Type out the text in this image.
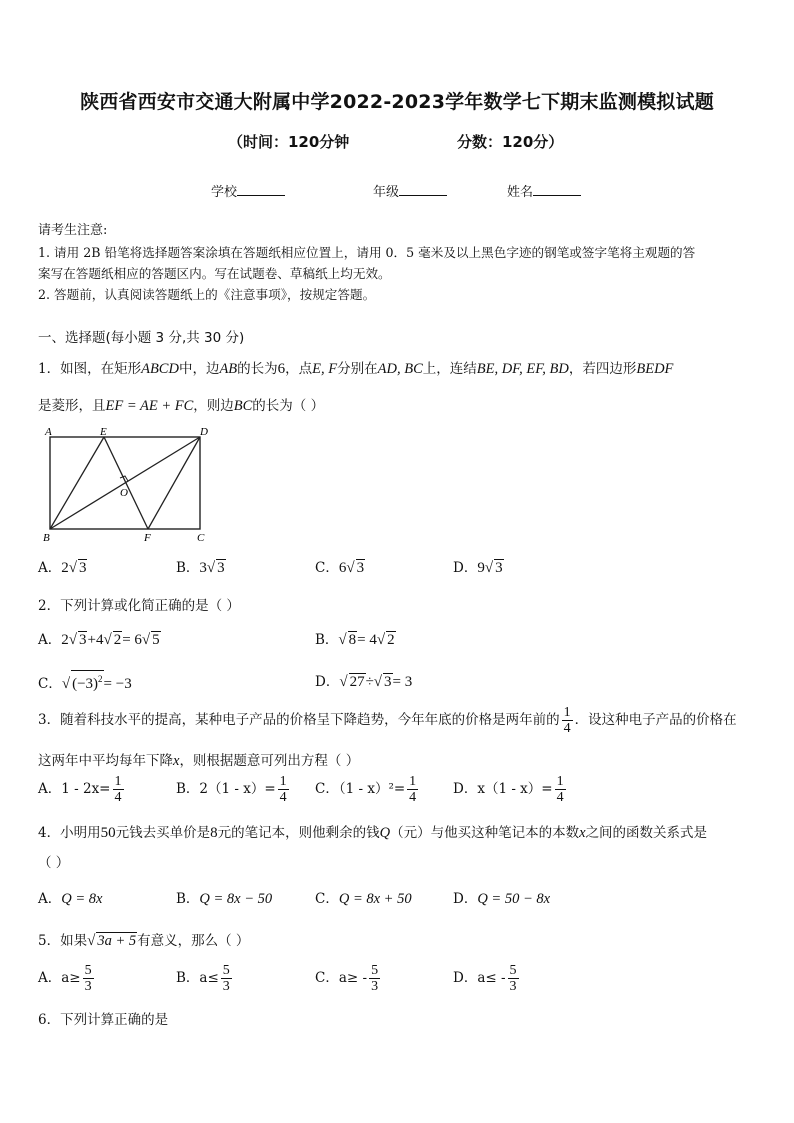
陕西省西安市交通大附属中学2022-2023学年数学七下期末监测模拟试题
（时间：120分钟	分数：120分）
学校	年级	姓名
请考生注意:
1. 请用 2B 铅笔将选择题答案涂填在答题纸相应位置上，请用 0．5 毫米及以上黑色字迹的钢笔或签字笔将主观题的答
案写在答题纸相应的答题区内。写在试题卷、草稿纸上均无效。
2. 答题前，认真阅读答题纸上的《注意事项》，按规定答题。
一、选择题(每小题 3 分,共 30 分)
1．如图，在矩形ABCD中，边AB的长为6，点E, F分别在AD, BC上，连结BE, DF, EF, BD，若四边形BEDF
是菱形，且EF = AE + FC，则边BC的长为（ ）
A	E	D
O
B	F	C
A．2√ 3	B．3√ 3	C．6√ 3	D．9√ 3
2．下列计算或化简正确的是（ ）
A．2√ 3+4√ 2= 6√ 5	B．√ 8= 4√ 2
C．√ $(-3)^2= -3$	D．√ 27÷√ 3= 3
3．随着科技水平的提高，某种电子产品的价格呈下降趋势，今年年底的价格是两年前的 $\frac{1}{4}$ ．设这种电子产品的价格在
这两年中平均每年下降x，则根据题意可列出方程（ ）
A．$1 - 2x= \frac{1}{4}$	B．$2(1 - x)= \frac{1}{4}$ C．$(1 - x)^2= \frac{1}{4}$	D．$x(1 - x)= \frac{1}{4}$
4．小明用50元钱去买单价是8元的笔记本，则他剩余的钱Q（元）与他买这种笔记本的本数x之间的函数关系式是
（ ）
A．Q = 8x	B．Q = 8x − 50	C．Q = 8x + 50	D．Q = 50 − 8x
5．如果√ 3a + 5有意义，那么（ ）
A．$a\ge \frac{5}{3}$	B．$a\le \frac{5}{3}$	C．$a\ge - \frac{5}{3}$	D．$a\le - \frac{5}{3}$
6．下列计算正确的是
